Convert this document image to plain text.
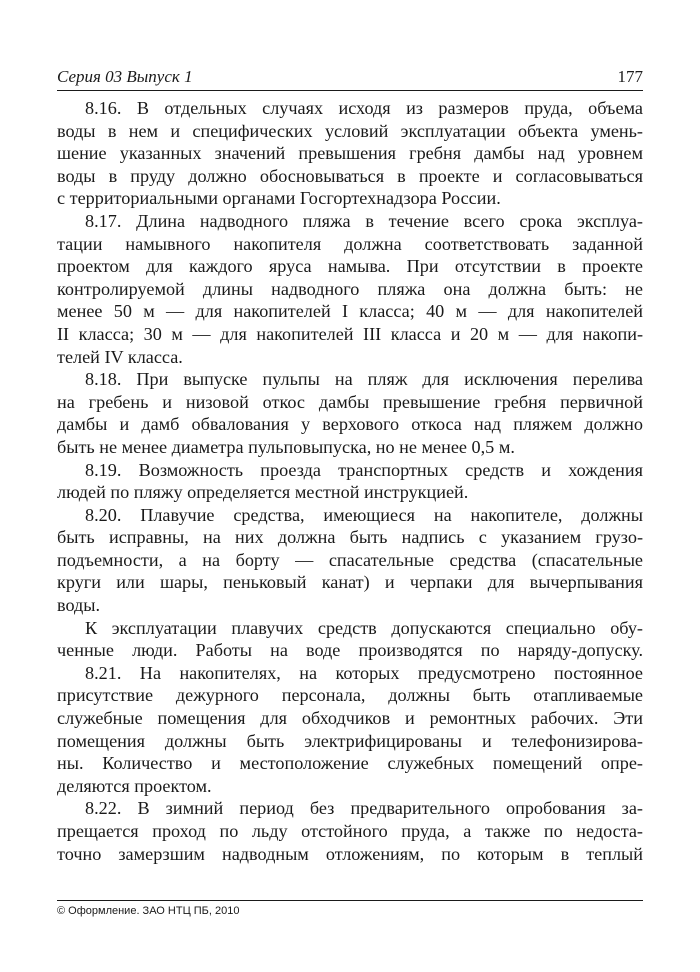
Серия 03 Выпуск 1	177
8.16. В отдельных случаях исходя из размеров пруда, объема
воды в нем и специфических условий эксплуатации объекта умень-
шение указанных значений превышения гребня дамбы над уровнем
воды в пруду должно обосновываться в проекте и согласовываться
с территориальными органами Госгортехнадзора России.
8.17. Длина надводного пляжа в течение всего срока эксплуа-
тации намывного накопителя должна соответствовать заданной
проектом для каждого яруса намыва. При отсутствии в проекте
контролируемой длины надводного пляжа она должна быть: не
менее 50 м — для накопителей I класса; 40 м — для накопителей
II класса; 30 м — для накопителей III класса и 20 м — для накопи-
телей IV класса.
8.18. При выпуске пульпы на пляж для исключения перелива
на гребень и низовой откос дамбы превышение гребня первичной
дамбы и дамб обвалования у верхового откоса над пляжем должно
быть не менее диаметра пульповыпуска, но не менее 0,5 м.
8.19. Возможность проезда транспортных средств и хождения
людей по пляжу определяется местной инструкцией.
8.20. Плавучие средства, имеющиеся на накопителе, должны
быть исправны, на них должна быть надпись с указанием грузо-
подъемности, а на борту — спасательные средства (спасательные
круги или шары, пеньковый канат) и черпаки для вычерпывания
воды.
К эксплуатации плавучих средств допускаются специально обу-
ченные люди. Работы на воде производятся по наряду-допуску.
8.21. На накопителях, на которых предусмотрено постоянное
присутствие дежурного персонала, должны быть отапливаемые
служебные помещения для обходчиков и ремонтных рабочих. Эти
помещения должны быть электрифицированы и телефонизирова-
ны. Количество и местоположение служебных помещений опре-
деляются проектом.
8.22. В зимний период без предварительного опробования за-
прещается проход по льду отстойного пруда, а также по недоста-
точно замерзшим надводным отложениям, по которым в теплый
© Оформление. ЗАО НТЦ ПБ, 2010
